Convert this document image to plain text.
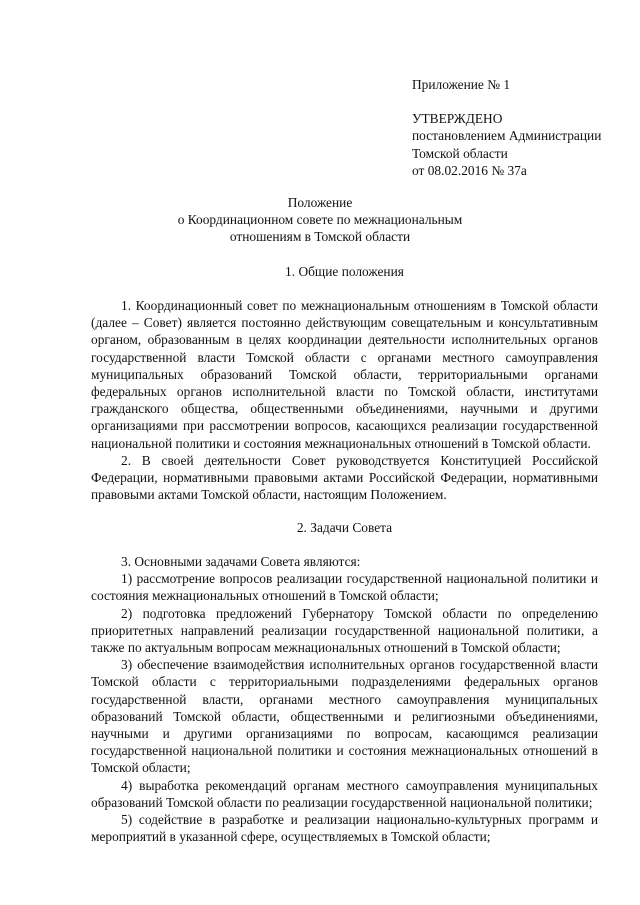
Приложение № 1
УТВЕРЖДЕНО
постановлением Администрации
Томской области
от 08.02.2016 № 37а
Положение
о Координационном совете по межнациональным
отношениям в Томской области
1. Общие положения

1. Координационный совет по межнациональным отношениям в Томской области (далее – Совет) является постоянно действующим совещательным и консультативным органом, образованным в целях координации деятельности исполнительных органов государственной власти Томской области с органами местного самоуправления муниципальных образований Томской области, территориальными органами федеральных органов исполнительной власти по Томской области, институтами гражданского общества, общественными объединениями, научными и другими организациями при рассмотрении вопросов, касающихся реализации государственной национальной политики и состояния межнациональных отношений в Томской области.

2. В своей деятельности Совет руководствуется Конституцией Российской Федерации, нормативными правовыми актами Российской Федерации, нормативными правовыми актами Томской области, настоящим Положением.

2. Задачи Совета

3. Основными задачами Совета являются:

1) рассмотрение вопросов реализации государственной национальной политики и состояния межнациональных отношений в Томской области;

2) подготовка предложений Губернатору Томской области по определению приоритетных направлений реализации государственной национальной политики, а также по актуальным вопросам межнациональных отношений в Томской области;

3) обеспечение взаимодействия исполнительных органов государственной власти Томской области с территориальными подразделениями федеральных органов государственной власти, органами местного самоуправления муниципальных образований Томской области, общественными и религиозными объединениями, научными и другими организациями по вопросам, касающимся реализации государственной национальной политики и состояния межнациональных отношений в Томской области;

4) выработка рекомендаций органам местного самоуправления муниципальных образований Томской области по реализации государственной национальной политики;

5) содействие в разработке и реализации национально-культурных программ и мероприятий в указанной сфере, осуществляемых в Томской области;
